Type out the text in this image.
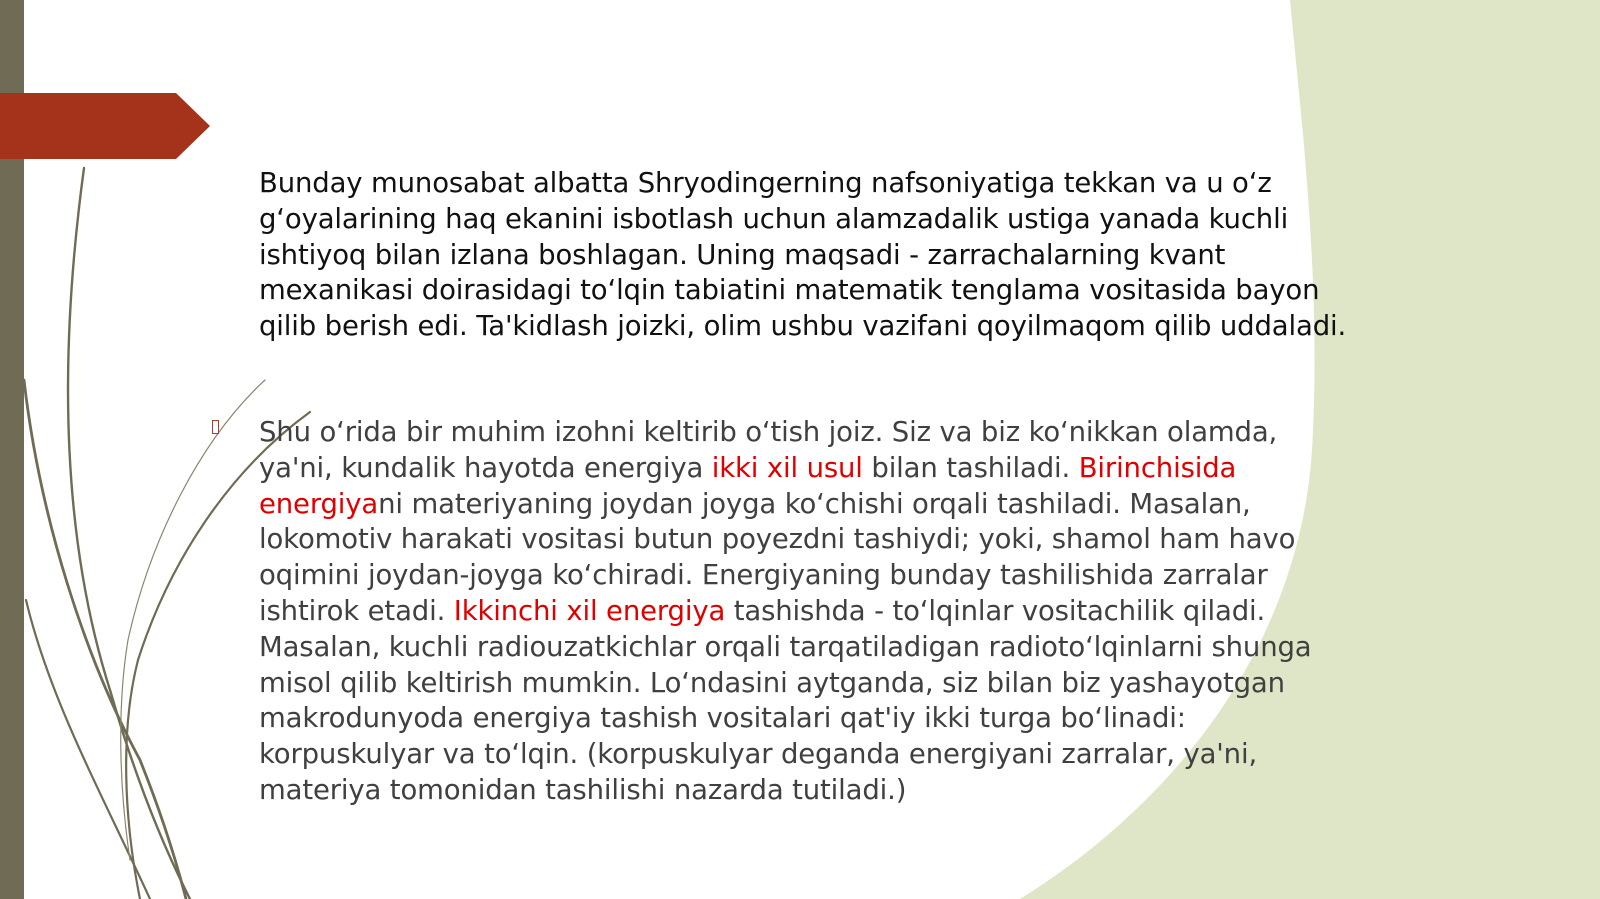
Bunday munosabat albatta Shryodingerning nafsoniyatiga tekkan va u o‘z g‘oyalarining haq ekanini isbotlash uchun alamzadalik ustiga yanada kuchli ishtiyoq bilan izlana boshlagan. Uning maqsadi - zarrachalarning kvant mexanikasi doirasidagi to‘lqin tabiatini matematik tenglama vositasida bayon qilib berish edi. Ta'kidlash joizki, olim ushbu vazifani qoyilmaqom qilib uddaladi.
Shu o‘rida bir muhim izohni keltirib o‘tish joiz. Siz va biz ko‘nikkan olamda, ya'ni, kundalik hayotda energiya ikki xil usul bilan tashiladi. Birinchisida energiyani materiyaning joydan joyga ko‘chishi orqali tashiladi. Masalan, lokomotiv harakati vositasi butun poyezdni tashiydi; yoki, shamol ham havo oqimini joydan-joyga ko‘chiradi. Energiyaning bunday tashilishida zarralar ishtirok etadi. Ikkinchi xil energiya tashishda - to‘lqinlar vositachilik qiladi. Masalan, kuchli radiouzatkichlar orqali tarqatiladigan radioto‘lqinlarni shunga misol qilib keltirish mumkin. Lo‘ndasini aytganda, siz bilan biz yashayotgan makrodunyoda energiya tashish vositalari qat'iy ikki turga bo‘linadi: korpuskulyar va to‘lqin. (korpuskulyar deganda energiyani zarralar, ya'ni, materiya tomonidan tashilishi nazarda tutiladi.)
